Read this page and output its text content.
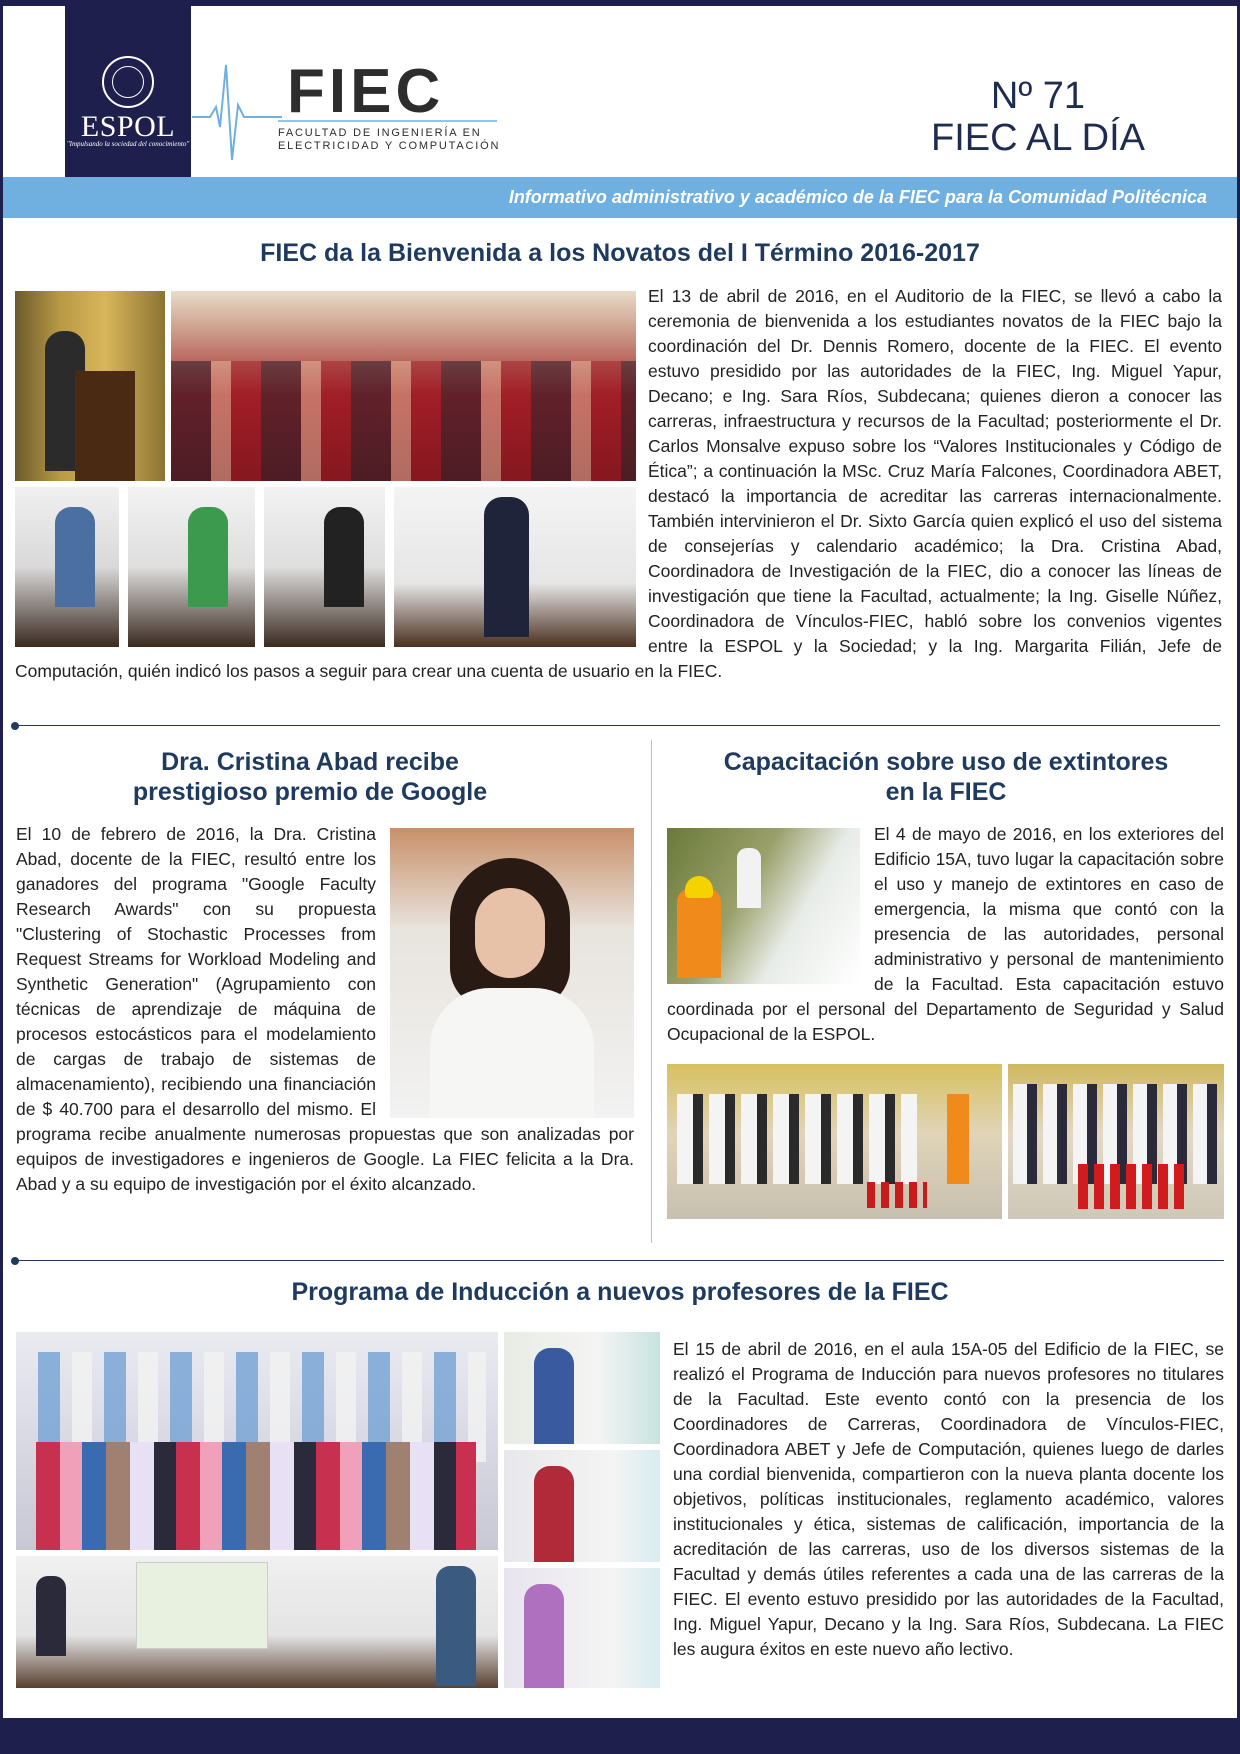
ESPOL
"Impulsando la sociedad del conocimiento"
FIEC
FACULTAD DE INGENIERÍA EN
ELECTRICIDAD Y COMPUTACIÓN
Nº 71
FIEC AL DÍA
Informativo administrativo y académico de la FIEC para la Comunidad Politécnica
FIEC da la Bienvenida a los Novatos del I Término 2016-2017

El 13 de abril de 2016, en el Auditorio de la FIEC, se llevó a cabo la ceremonia de bienvenida a los estudiantes novatos de la FIEC bajo la coordinación del Dr. Dennis Romero, docente de la FIEC. El evento estuvo presidido por las autoridades de la FIEC, Ing. Miguel Yapur, Decano; e Ing. Sara Ríos, Subdecana; quienes dieron a conocer las carreras, infraestructura y recursos de la Facultad; posteriormente el Dr. Carlos Monsalve expuso sobre los “Valores Institucionales y Código de Ética”; a continuación la MSc. Cruz María Falcones, Coordinadora ABET, destacó la importancia de acreditar las carreras internacionalmente. También intervinieron el Dr. Sixto García quien explicó el uso del sistema de consejerías y calendario académico; la Dra. Cristina Abad, Coordinadora de Investigación de la FIEC, dio a conocer las líneas de investigación que tiene la Facultad, actualmente; la Ing. Giselle Núñez, Coordinadora de Vínculos-FIEC, habló sobre los convenios vigentes entre la ESPOL y la Sociedad; y la Ing. Margarita Filián, Jefe de Computación, quién indicó los pasos a seguir para crear una cuenta de usuario en la FIEC.

Dra. Cristina Abad recibe
prestigioso premio de Google

El 10 de febrero de 2016, la Dra. Cristina Abad, docente de la FIEC, resultó entre los ganadores del programa "Google Faculty Research Awards" con su propuesta "Clustering of Stochastic Processes from Request Streams for Workload Modeling and Synthetic Generation" (Agrupamiento con técnicas de aprendizaje de máquina de procesos estocásticos para el modelamiento de cargas de trabajo de sistemas de almacenamiento), recibiendo una financiación de $ 40.700 para el desarrollo del mismo. El programa recibe anualmente numerosas propuestas que son analizadas por equipos de investigadores e ingenieros de Google. La FIEC felicita a la Dra. Abad y a su equipo de investigación por el éxito alcanzado.

Capacitación sobre uso de extintores
en la FIEC

El 4 de mayo de 2016, en los exteriores del Edificio 15A, tuvo lugar la capacitación sobre el uso y manejo de extintores en caso de emergencia, la misma que contó con la presencia de las autoridades, personal administrativo y personal de mantenimiento de la Facultad. Esta capacitación estuvo coordinada por el personal del Departamento de Seguridad y Salud Ocupacional de la ESPOL.

Programa de Inducción a nuevos profesores de la FIEC

El 15 de abril de 2016, en el aula 15A-05 del Edificio de la FIEC, se realizó el Programa de Inducción para nuevos profesores no titulares de la Facultad. Este evento contó con la presencia de los Coordinadores de Carreras, Coordinadora de Vínculos-FIEC, Coordinadora ABET y Jefe de Computación, quienes luego de darles una cordial bienvenida, compartieron con la nueva planta docente los objetivos, políticas institucionales, reglamento académico, valores institucionales y ética, sistemas de calificación, importancia de la acreditación de las carreras, uso de los diversos sistemas de la Facultad y demás útiles referentes a cada una de las carreras de la FIEC. El evento estuvo presidido por las autoridades de la Facultad, Ing. Miguel Yapur, Decano y la Ing. Sara Ríos, Subdecana. La FIEC les augura éxitos en este nuevo año lectivo.
